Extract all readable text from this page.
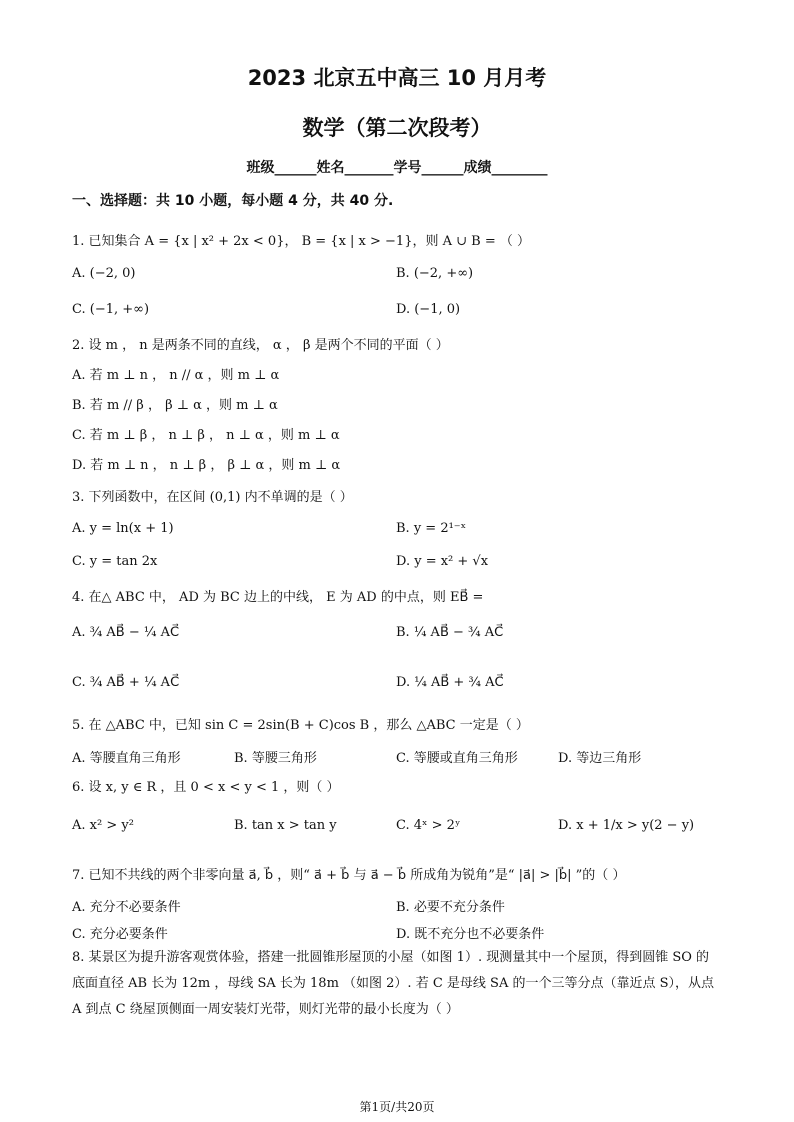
2023 北京五中高三 10 月月考
数学（第二次段考）
班级______姓名_______学号______成绩________
一、选择题：共 10 小题，每小题 4 分，共 40 分.
1. 已知集合 A = {x | x² + 2x < 0}， B = {x | x > −1}，则 A ∪ B = （ ）
A. (−2, 0)	B. (−2, +∞)
C. (−1, +∞)	D. (−1, 0)
2. 设 m ， n 是两条不同的直线， α ， β 是两个不同的平面（ ）
A. 若 m ⊥ n ， n // α ，则 m ⊥ α
B. 若 m // β ， β ⊥ α ，则 m ⊥ α
C. 若 m ⊥ β ， n ⊥ β ， n ⊥ α ，则 m ⊥ α
D. 若 m ⊥ n ， n ⊥ β ， β ⊥ α ，则 m ⊥ α
3. 下列函数中，在区间 (0,1) 内不单调的是（ ）
A. y = ln(x + 1)	B. y = 2¹⁻ˣ
C. y = tan 2x	D. y = x² + √x
4. 在△ ABC 中， AD 为 BC 边上的中线， E 为 AD 的中点，则 EB⃗ =
A. ¾ AB⃗ − ¼ AC⃗	B. ¼ AB⃗ − ¾ AC⃗
C. ¾ AB⃗ + ¼ AC⃗	D. ¼ AB⃗ + ¾ AC⃗
5. 在 △ABC 中，已知 sin C = 2sin(B + C)cos B ，那么 △ABC 一定是（ ）
A. 等腰直角三角形	B. 等腰三角形	C. 等腰或直角三角形	D. 等边三角形
6. 设 x, y ∈ R ，且 0 < x < y < 1 ，则（ ）
A. x² > y²	B. tan x > tan y	C. 4ˣ > 2ʸ	D. x + 1/x > y(2 − y)
7. 已知不共线的两个非零向量 a⃗, b⃗ ，则“ a⃗ + b⃗ 与 a⃗ − b⃗ 所成角为锐角”是“ |a⃗| > |b⃗| ”的（ ）
A. 充分不必要条件	B. 必要不充分条件
C. 充分必要条件	D. 既不充分也不必要条件
8. 某景区为提升游客观赏体验，搭建一批圆锥形屋顶的小屋（如图 1）. 现测量其中一个屋顶，得到圆锥 SO 的底面直径 AB 长为 12m ，母线 SA 长为 18m （如图 2）. 若 C 是母线 SA 的一个三等分点（靠近点 S），从点 A 到点 C 绕屋顶侧面一周安装灯光带，则灯光带的最小长度为（ ）
第1页/共20页
